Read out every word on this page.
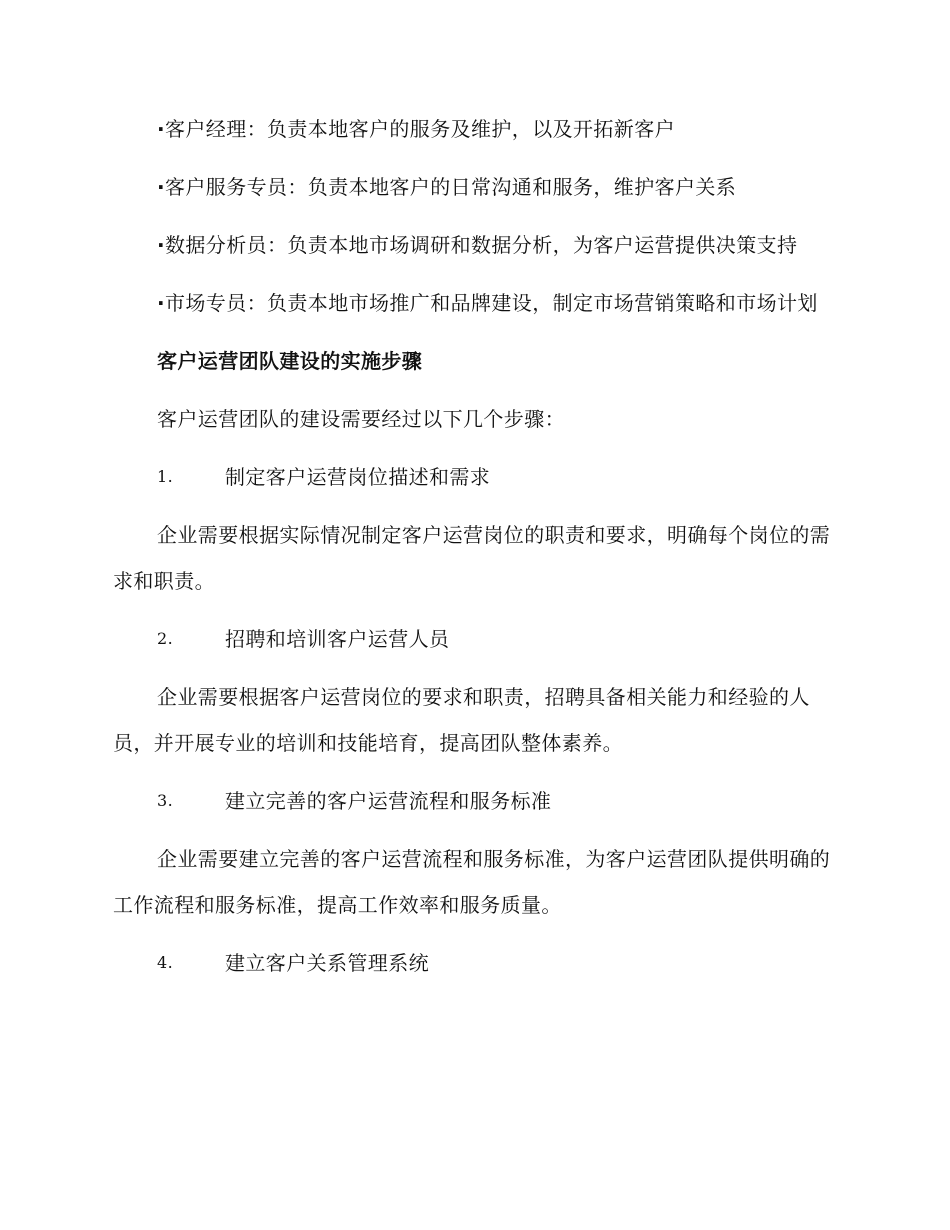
·客户经理：负责本地客户的服务及维护，以及开拓新客户

·客户服务专员：负责本地客户的日常沟通和服务，维护客户关系

·数据分析员：负责本地市场调研和数据分析，为客户运营提供决策支持

·市场专员：负责本地市场推广和品牌建设，制定市场营销策略和市场计划

客户运营团队建设的实施步骤

客户运营团队的建设需要经过以下几个步骤：

1.	制定客户运营岗位描述和需求

企业需要根据实际情况制定客户运营岗位的职责和要求，明确每个岗位的需求和职责。

2.	招聘和培训客户运营人员

企业需要根据客户运营岗位的要求和职责，招聘具备相关能力和经验的人员，并开展专业的培训和技能培育，提高团队整体素养。

3.	建立完善的客户运营流程和服务标准

企业需要建立完善的客户运营流程和服务标准，为客户运营团队提供明确的工作流程和服务标准，提高工作效率和服务质量。

4.	建立客户关系管理系统
